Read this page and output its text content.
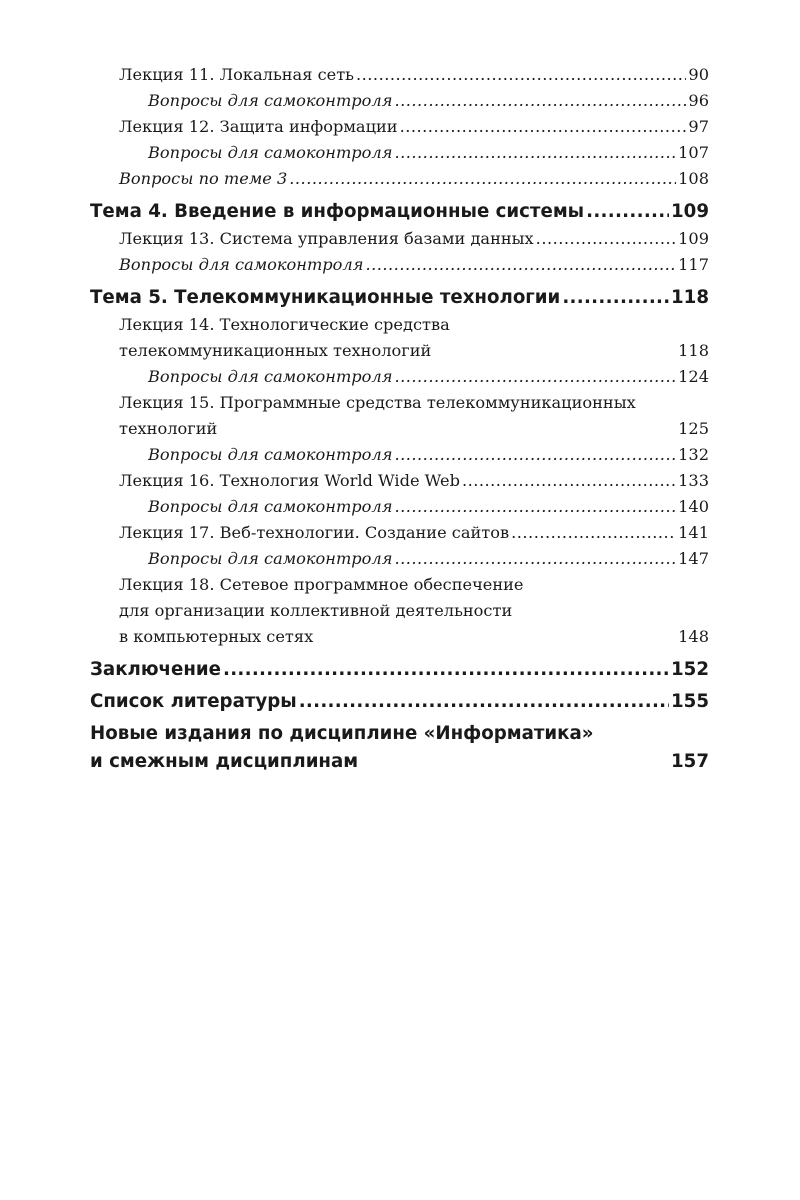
Лекция 11. Локальная сеть .....	90
Вопросы для самоконтроля .....	96
Лекция 12. Защита информации .....	97
Вопросы для самоконтроля .....	107
Вопросы по теме 3 .....	108
Тема 4. Введение в информационные системы .....	109
Лекция 13. Система управления базами данных .....	109
Вопросы для самоконтроля .....	117
Тема 5. Телекоммуникационные технологии .....	118
Лекция 14. Технологические средства
телекоммуникационных технологий	118
Вопросы для самоконтроля .....	124
Лекция 15. Программные средства телекоммуникационных
технологий	125
Вопросы для самоконтроля .....	132
Лекция 16. Технология World Wide Web .....	133
Вопросы для самоконтроля .....	140
Лекция 17. Веб-технологии. Создание сайтов .....	141
Вопросы для самоконтроля .....	147
Лекция 18. Сетевое программное обеспечение
для организации коллективной деятельности
в компьютерных сетях	148
Заключение .....	152
Список литературы .....	155
Новые издания по дисциплине «Информатика»
и смежным дисциплинам	157
